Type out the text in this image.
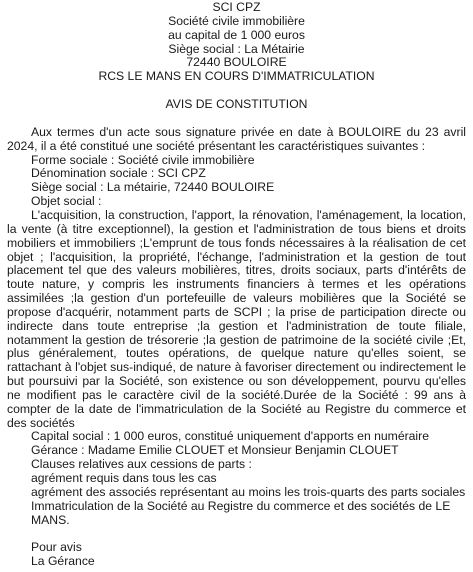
SCI CPZ
Société civile immobilière
au capital de 1 000 euros
Siège social : La Métairie
72440 BOULOIRE
RCS LE MANS EN COURS D'IMMATRICULATION
AVIS DE CONSTITUTION

Aux termes d'un acte sous signature privée en date à BOULOIRE du 23 avril 2024, il a été constitué une société présentant les caractéristiques suivantes :

Forme sociale : Société civile immobilière
Dénomination sociale : SCI CPZ
Siège social : La métairie, 72440 BOULOIRE
Objet social :

L'acquisition, la construction, l'apport, la rénovation, l'aménagement, la location, la vente (à titre exceptionnel), la gestion et l'administration de tous biens et droits mobiliers et immobiliers ;L'emprunt de tous fonds nécessaires à la réalisation de cet objet ; l'acquisition, la propriété, l'échange, l'administration et la gestion de tout placement tel que des valeurs mobilières, titres, droits sociaux, parts d'intérêts de toute nature, y compris les instruments financiers à termes et les opérations assimilées ;la gestion d'un portefeuille de valeurs mobilières que la Société se propose d'acquérir, notamment parts de SCPI ; la prise de participation directe ou indirecte dans toute entreprise ;la gestion et l'administration de toute filiale, notamment la gestion de trésorerie ;la gestion de patrimoine de la société civile ;Et, plus généralement, toutes opérations, de quelque nature qu'elles soient, se rattachant à l'objet sus-indiqué, de nature à favoriser directement ou indirectement le but poursuivi par la Société, son existence ou son développement, pourvu qu'elles ne modifient pas le caractère civil de la société.Durée de la Société : 99 ans à compter de la date de l'immatriculation de la Société au Registre du commerce et des sociétés

Capital social : 1 000 euros, constitué uniquement d'apports en numéraire
Gérance : Madame Emilie CLOUET et Monsieur Benjamin CLOUET
Clauses relatives aux cessions de parts :
agrément requis dans tous les cas
agrément des associés représentant au moins les trois-quarts des parts sociales
Immatriculation de la Société au Registre du commerce et des sociétés de LE MANS.
Pour avis
La Gérance
